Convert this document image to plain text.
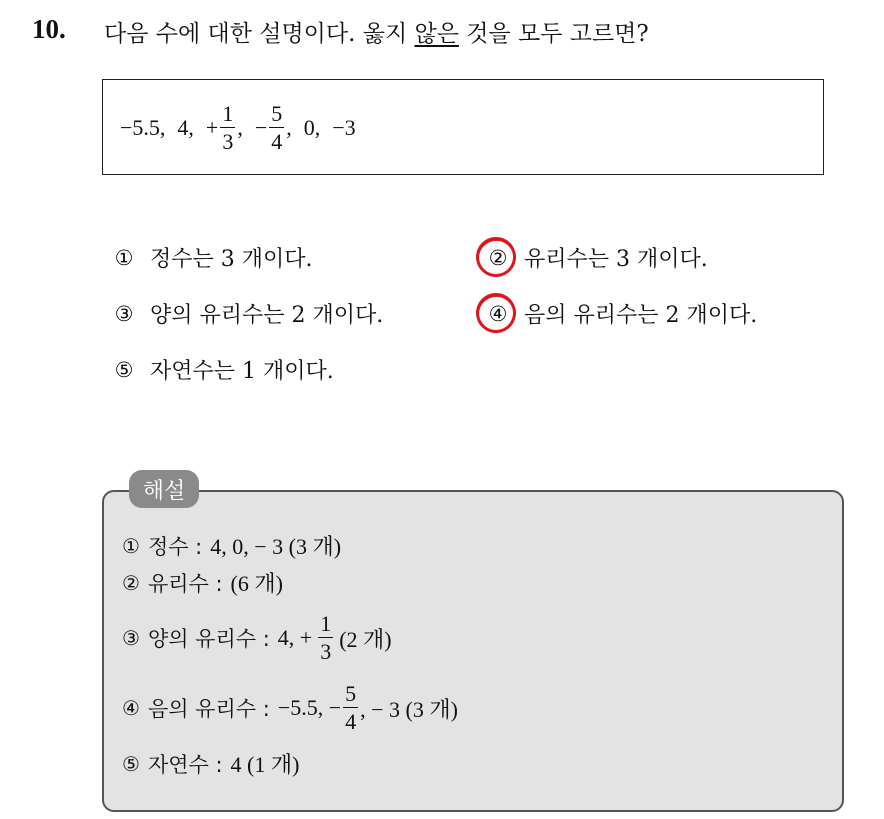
10. 다음 수에 대한 설명이다. 옳지 않은 것을 모두 고르면?
−5.5, 4, + $\frac{1}{3}$ , − $\frac{5}{4}$ , 0, −3
① 정수는 3 개이다.	② 유리수는 3 개이다.
③ 양의 유리수는 2 개이다.	④ 음의 유리수는 2 개이다.
⑤ 자연수는 1 개이다.
해설
① 정수 : 4, 0, − 3 (3 개)
② 유리수 : (6 개)
③ 양의 유리수 : 4, + $\frac{1}{3} (2$ 개)
④ 음의 유리수 : −5.5, − $\frac{5}{4}$ , − 3 (3 개)
⑤ 자연수 : 4 (1 개)
